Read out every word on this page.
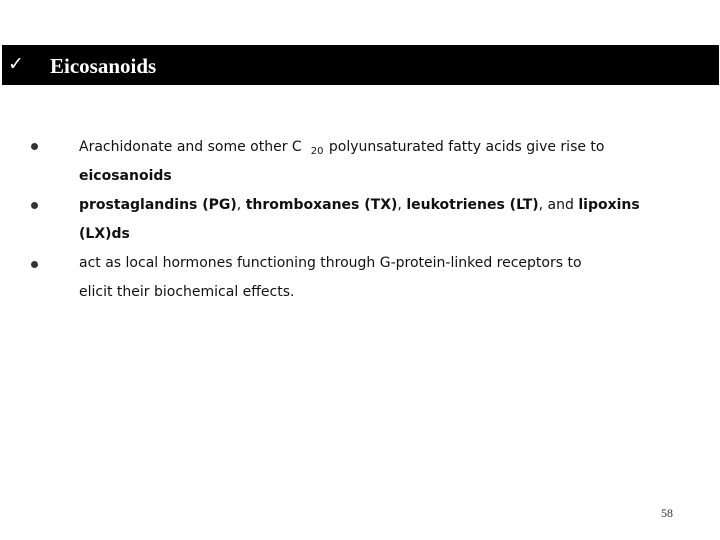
✓ Eicosanoids
Arachidonate and some other C $_{20}$ polyunsaturated fatty acids give rise to
eicosanoids
prostaglandins (PG), thromboxanes (TX), leukotrienes (LT), and lipoxins
(LX)ds
act as local hormones functioning through G-protein-linked receptors to
elicit their biochemical effects.
58
